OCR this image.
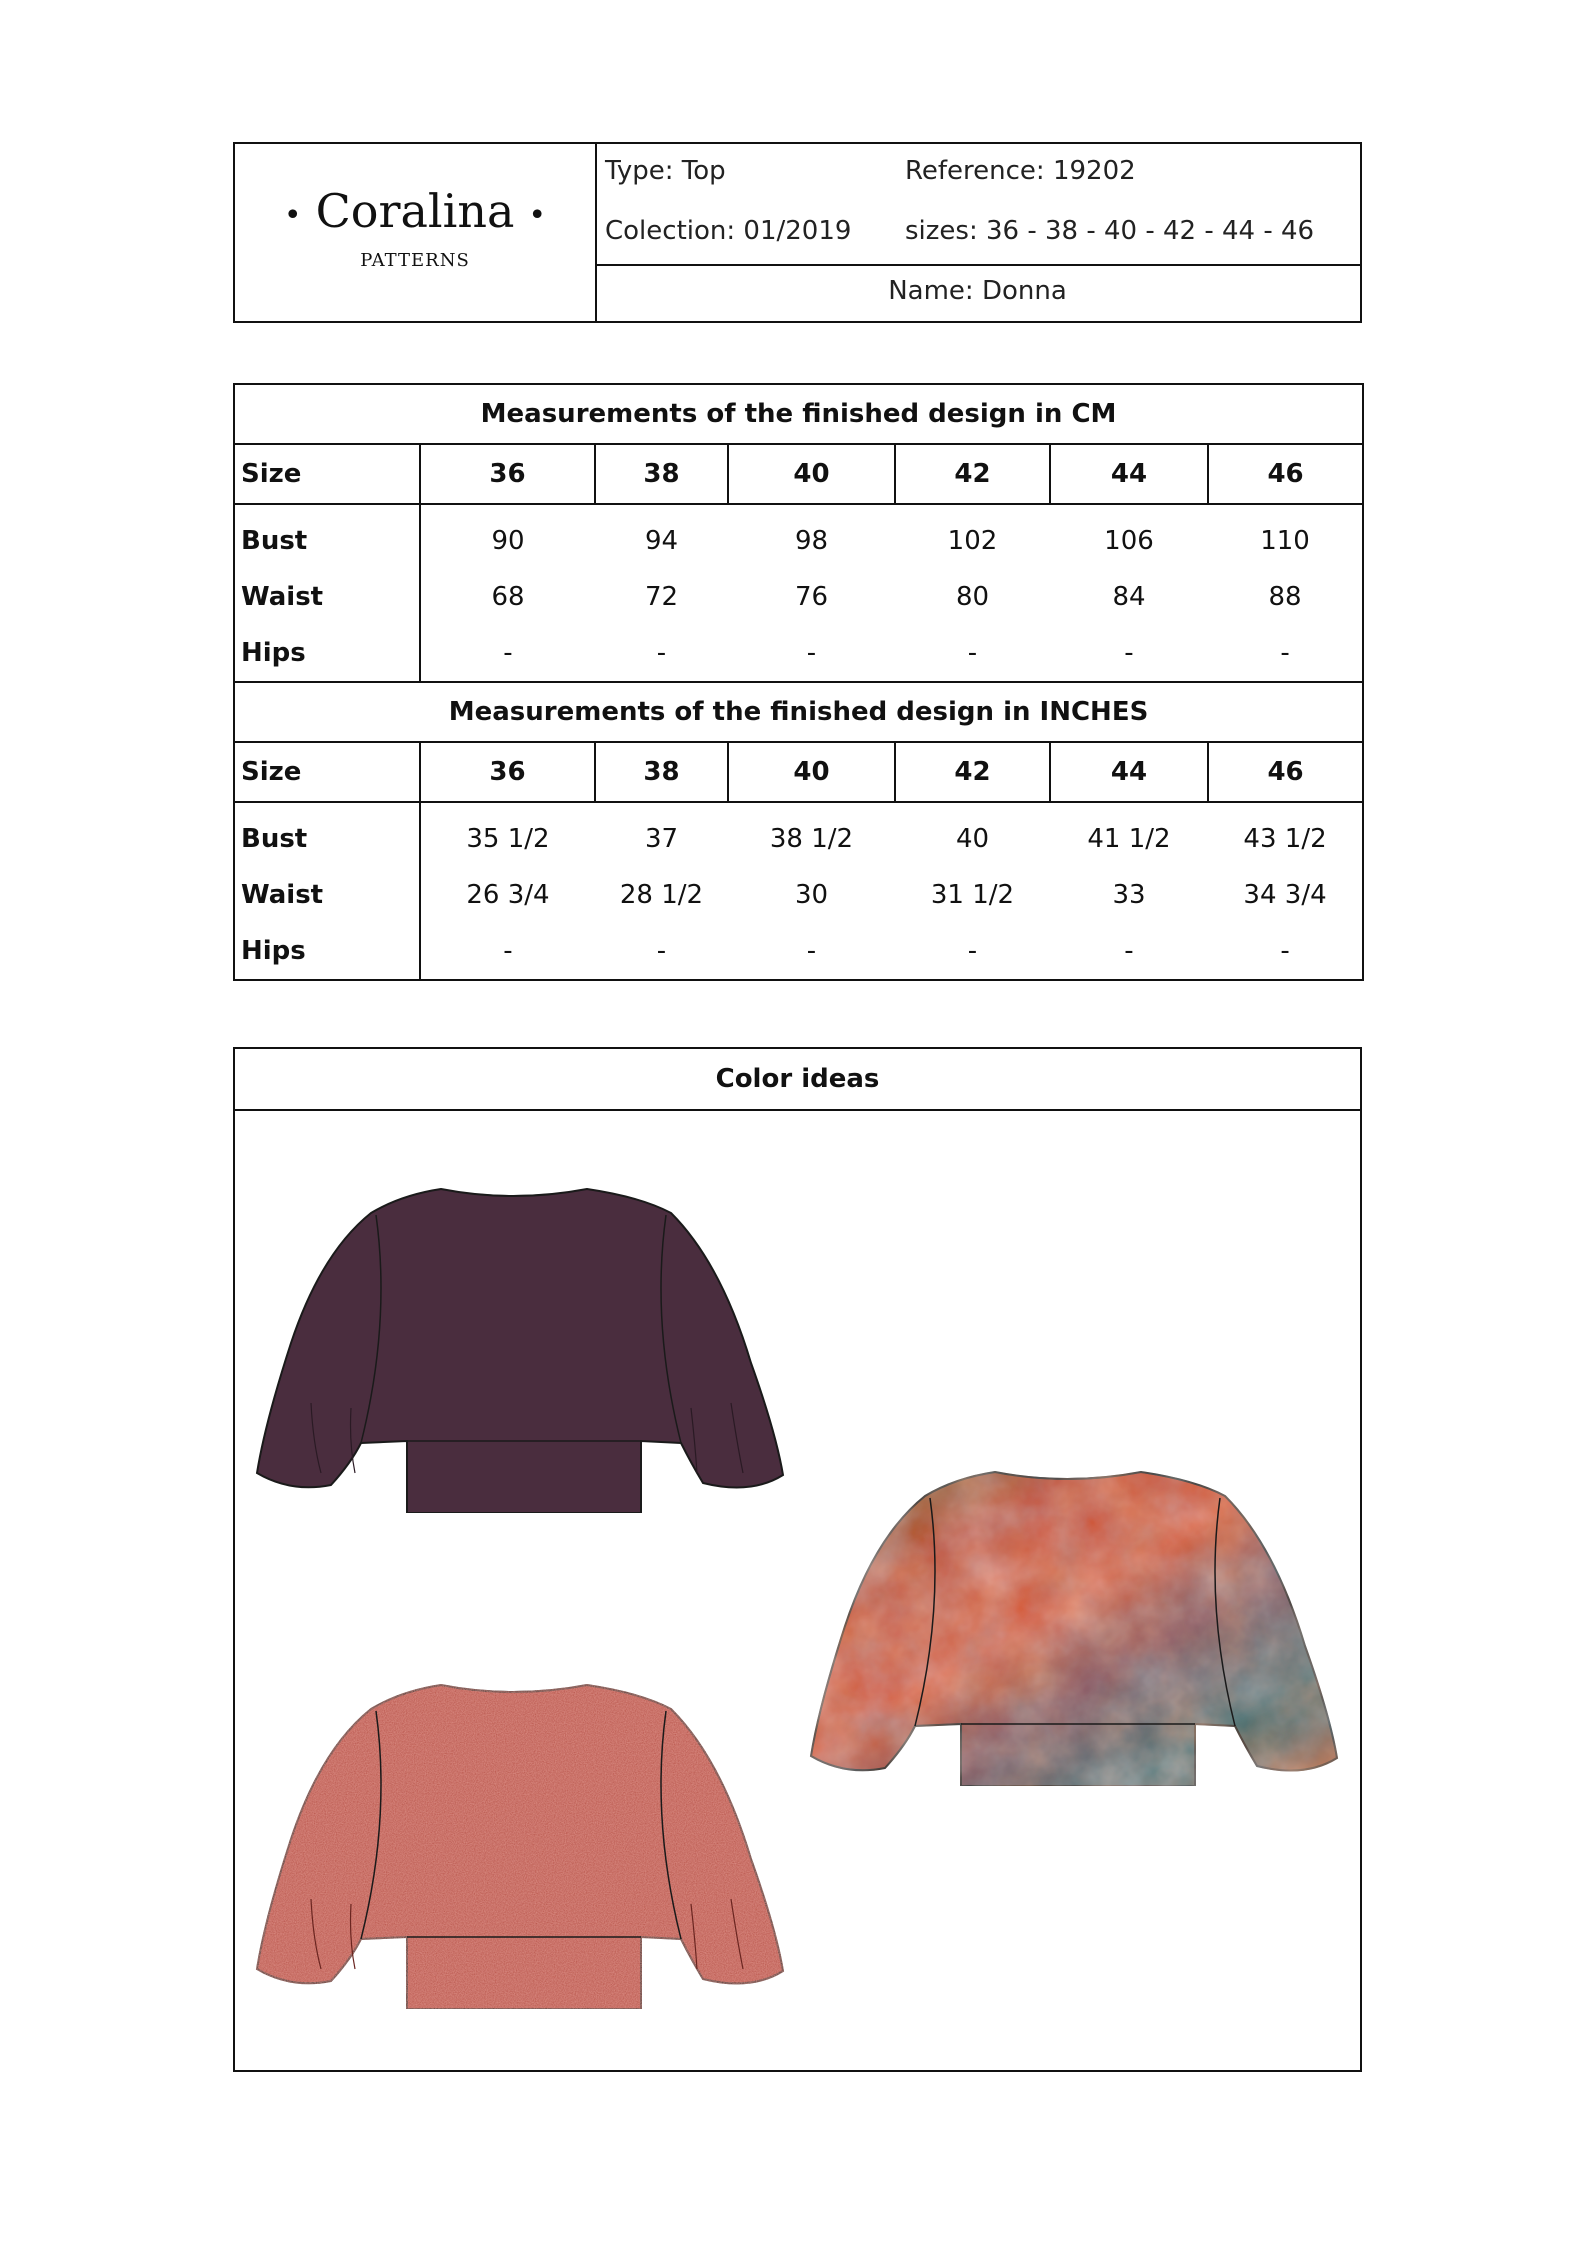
• Coralina •
PATTERNS
Type: Top	Reference: 19202
Colection: 01/2019 sizes: 36 - 38 - 40 - 42 - 44 - 46
Name: Donna
Measurements of the finished design in CM						
Size	36	38	40	42	44	46
Bust	90	94	98	102	106	110
Waist	68	72	76	80	84	88
Hips	-	-	-	-	-	-
Measurements of the finished design in INCHES						
Size	36	38	40	42	44	46
Bust	35 1/2	37	38 1/2	40	41 1/2	43 1/2
Waist	26 3/4	28 1/2	30	31 1/2	33	34 3/4
Hips	-	-	-	-	-	-
Color ideas
